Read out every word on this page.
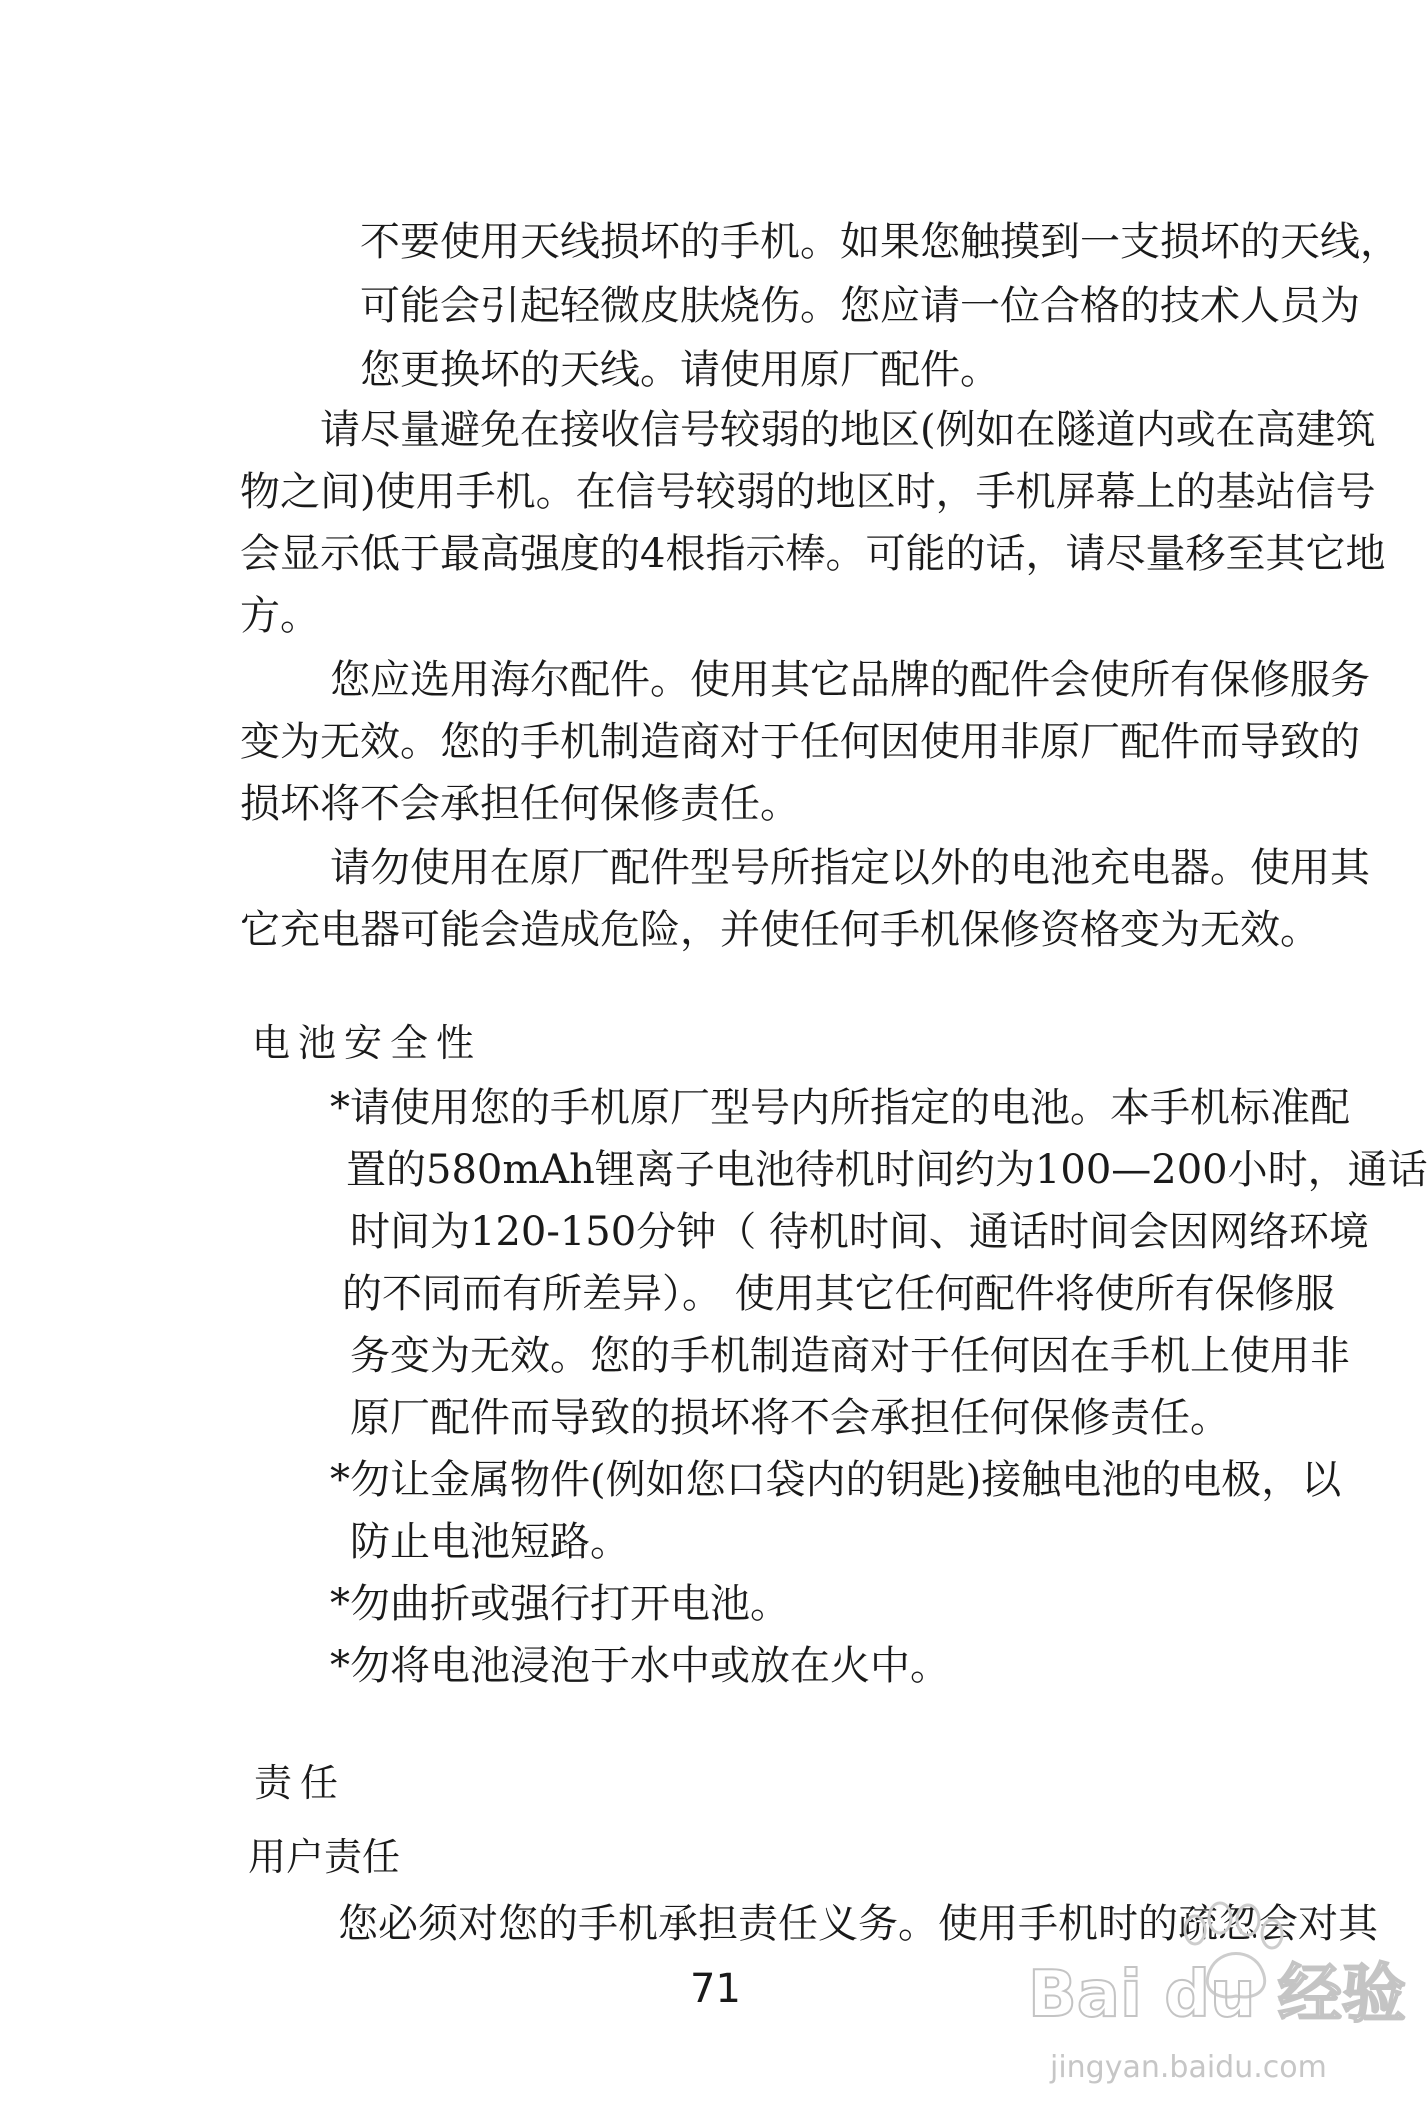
不要使用天线损坏的手机。如果您触摸到一支损坏的天线，
可能会引起轻微皮肤烧伤。您应请一位合格的技术人员为
您更换坏的天线。请使用原厂配件。
请尽量避免在接收信号较弱的地区(例如在隧道内或在高建筑
物之间)使用手机。在信号较弱的地区时，手机屏幕上的基站信号
会显示低于最高强度的4根指示棒。可能的话，请尽量移至其它地
方。
您应选用海尔配件。使用其它品牌的配件会使所有保修服务
变为无效。您的手机制造商对于任何因使用非原厂配件而导致的
损坏将不会承担任何保修责任。
请勿使用在原厂配件型号所指定以外的电池充电器。使用其
它充电器可能会造成危险，并使任何手机保修资格变为无效。
电池安全性
*请使用您的手机原厂型号内所指定的电池。本手机标准配
置的580mAh锂离子电池待机时间约为100—200小时，通话
时间为120-150分钟（ 待机时间、通话时间会因网络环境
的不同而有所差异）。 使用其它任何配件将使所有保修服
务变为无效。您的手机制造商对于任何因在手机上使用非
原厂配件而导致的损坏将不会承担任何保修责任。
*勿让金属物件(例如您口袋内的钥匙)接触电池的电极，以
防止电池短路。
*勿曲折或强行打开电池。
*勿将电池浸泡于水中或放在火中。
责任
用户责任
您必须对您的手机承担责任义务。使用手机时的疏忽会对其
71	Bai du 经验
jingyan.baidu.com
